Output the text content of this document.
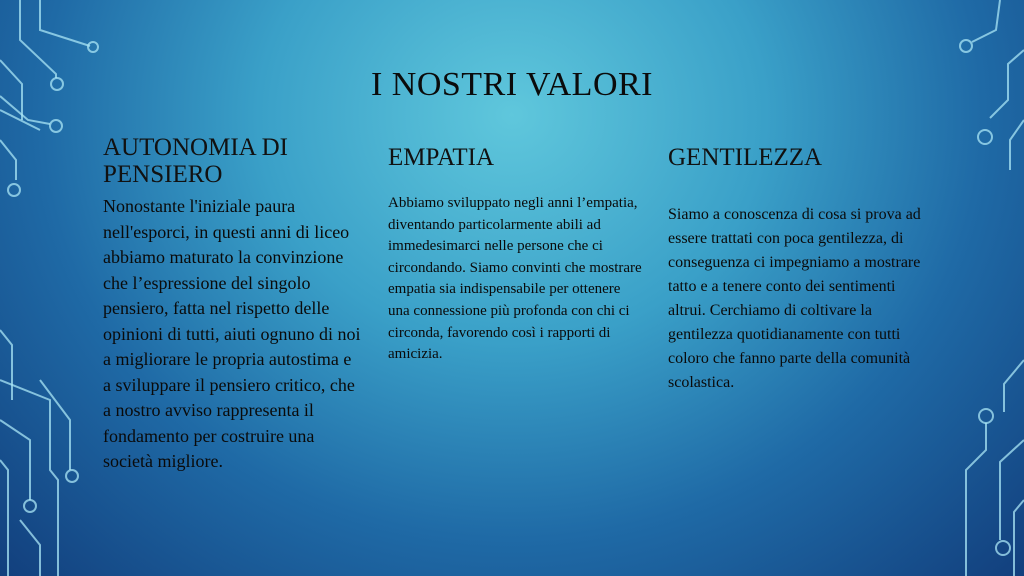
I NOSTRI VALORI
AUTONOMIA DI PENSIERO

Nonostante l'iniziale paura nell'esporci, in questi anni di liceo abbiamo maturato la convinzione che l’espressione del singolo pensiero, fatta nel rispetto delle opinioni di tutti, aiuti ognuno di noi a migliorare le propria autostima e a sviluppare il pensiero critico, che a nostro avviso rappresenta il fondamento per costruire una società migliore.

EMPATIA

Abbiamo sviluppato negli anni l’empatia, diventando particolarmente abili ad immedesimarci nelle persone che ci circondando. Siamo convinti che mostrare empatia sia indispensabile per ottenere una connessione più profonda con chi ci circonda, favorendo così i rapporti di amicizia.

GENTILEZZA

Siamo a conoscenza di cosa si prova ad essere trattati con poca gentilezza, di conseguenza ci impegniamo a mostrare tatto e a tenere conto dei sentimenti altrui. Cerchiamo di coltivare la gentilezza quotidianamente con tutti coloro che fanno parte della comunità scolastica.
